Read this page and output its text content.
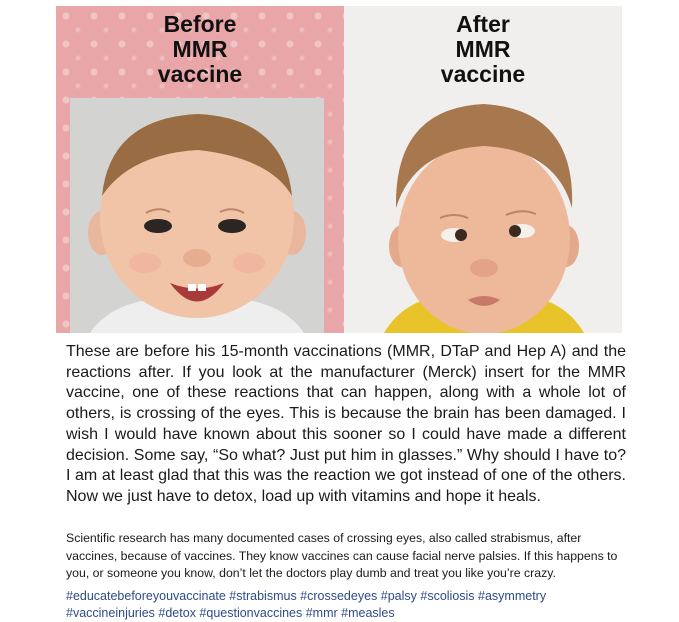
Before
MMR
vaccine
After
MMR
vaccine
These are before his 15-month vaccinations (MMR, DTaP and Hep A) and the reactions after. If you look at the manufacturer (Merck) insert for the MMR vaccine, one of these reactions that can happen, along with a whole lot of others, is crossing of the eyes. This is because the brain has been damaged. I wish I would have known about this sooner so I could have made a different decision. Some say, “So what? Just put him in glasses.” Why should I have to? I am at least glad that this was the reaction we got instead of one of the others. Now we just have to detox, load up with vitamins and hope it heals.
Scientific research has many documented cases of crossing eyes, also called strabismus, after vaccines, because of vaccines. They know vaccines can cause facial nerve palsies. If this happens to you, or someone you know, don’t let the doctors play dumb and treat you like you’re crazy.
#educatebeforeyouvaccinate #strabismus #crossedeyes #palsy #scoliosis #asymmetry #vaccineinjuries #detox #questionvaccines #mmr #measles
